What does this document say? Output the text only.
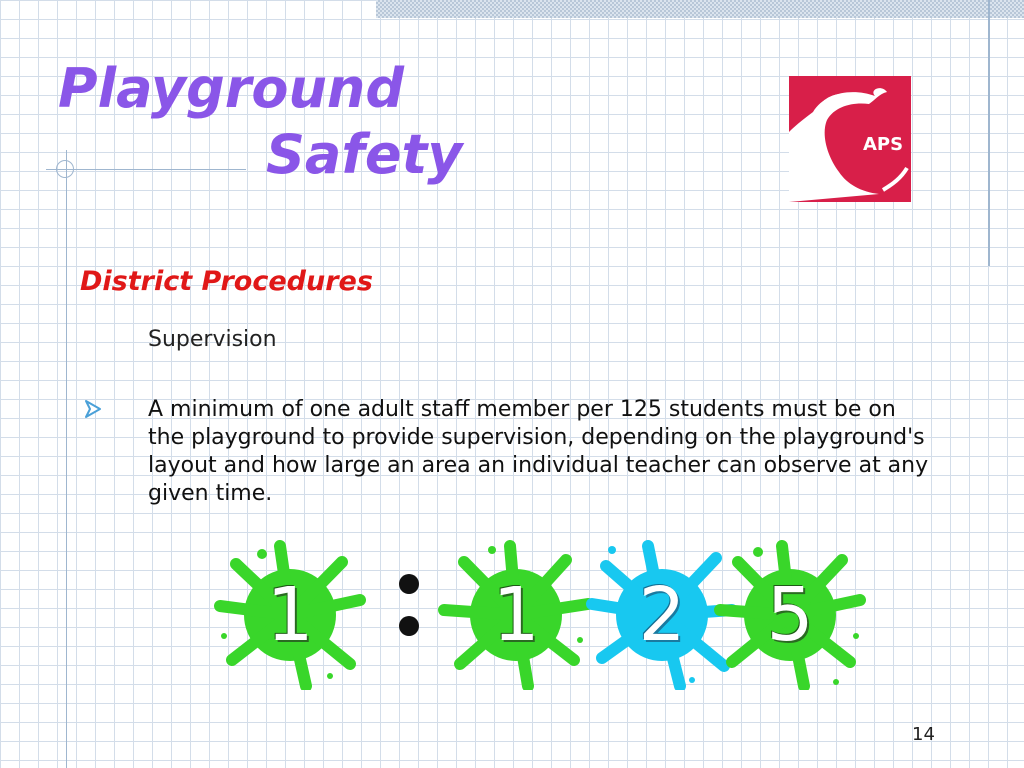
Playground
Safety	APS
District Procedures
Supervision
A minimum of one adult staff member per 125 students must be on the playground to provide supervision, depending on the playground's layout and how large an area an individual teacher can observe at any given time.
1	1	2	5
14
